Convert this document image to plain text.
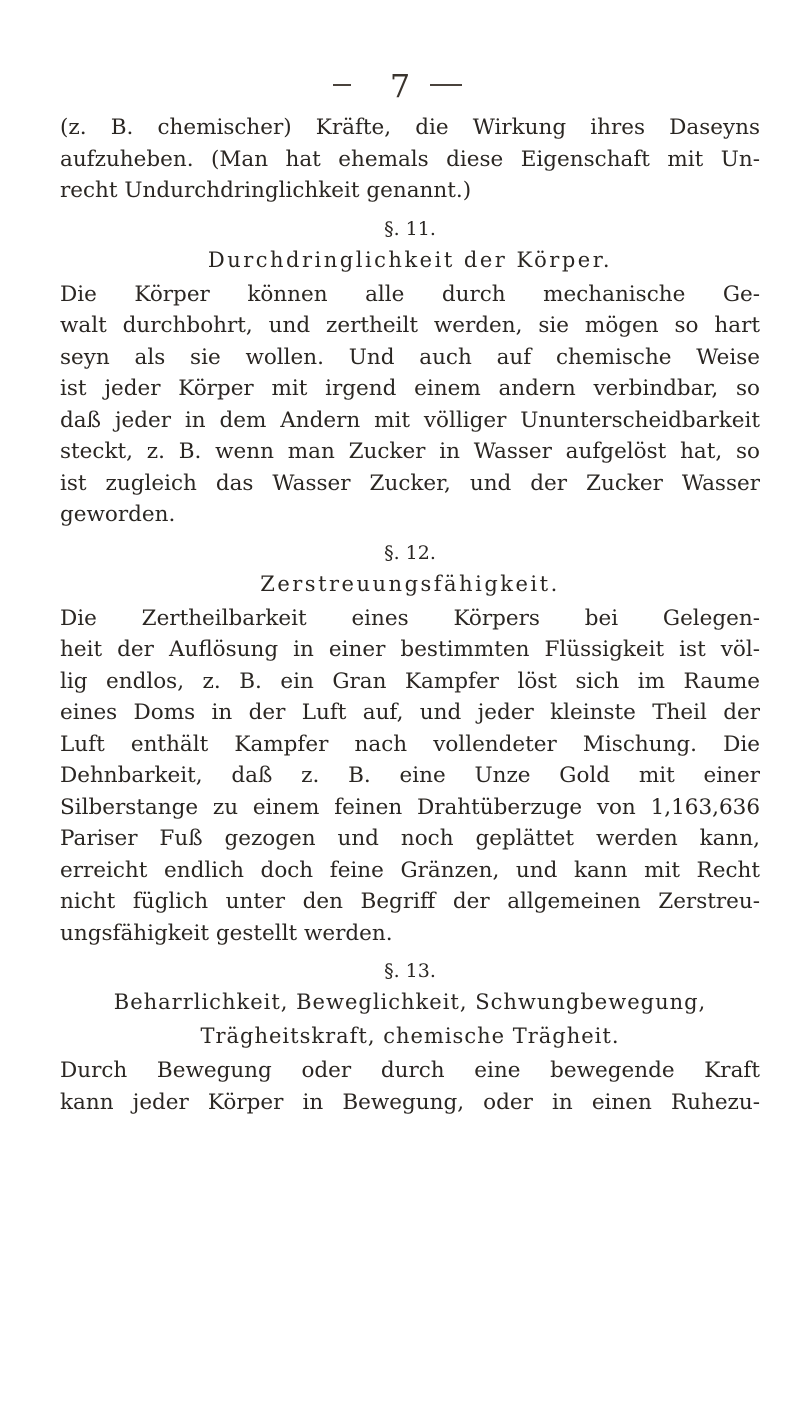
7
(z. B. chemischer) Kräfte, die Wirkung ihres Daseyns
aufzuheben. (Man hat ehemals diese Eigenschaft mit Un-
recht Undurchdringlichkeit genannt.)
§. 11.
Durchdringlichkeit der Körper.
Die Körper können alle durch mechanische Ge-
walt durchbohrt, und zertheilt werden, sie mögen so hart
seyn als sie wollen. Und auch auf chemische Weise
ist jeder Körper mit irgend einem andern verbindbar, so
daß jeder in dem Andern mit völliger Ununterscheidbarkeit
steckt, z. B. wenn man Zucker in Wasser aufgelöst hat, so
ist zugleich das Wasser Zucker, und der Zucker Wasser
geworden.
§. 12.
Zerstreuungsfähigkeit.
Die Zertheilbarkeit eines Körpers bei Gelegen-
heit der Auflösung in einer bestimmten Flüssigkeit ist völ-
lig endlos, z. B. ein Gran Kampfer löst sich im Raume
eines Doms in der Luft auf, und jeder kleinste Theil der
Luft enthält Kampfer nach vollendeter Mischung. Die
Dehnbarkeit, daß z. B. eine Unze Gold mit einer
Silberstange zu einem feinen Drahtüberzuge von 1,163,636
Pariser Fuß gezogen und noch geplättet werden kann,
erreicht endlich doch feine Gränzen, und kann mit Recht
nicht füglich unter den Begriff der allgemeinen Zerstreu-
ungsfähigkeit gestellt werden.
§. 13.
Beharrlichkeit, Beweglichkeit, Schwungbewegung,
Trägheitskraft, chemische Trägheit.
Durch Bewegung oder durch eine bewegende Kraft
kann jeder Körper in Bewegung, oder in einen Ruhezu-
